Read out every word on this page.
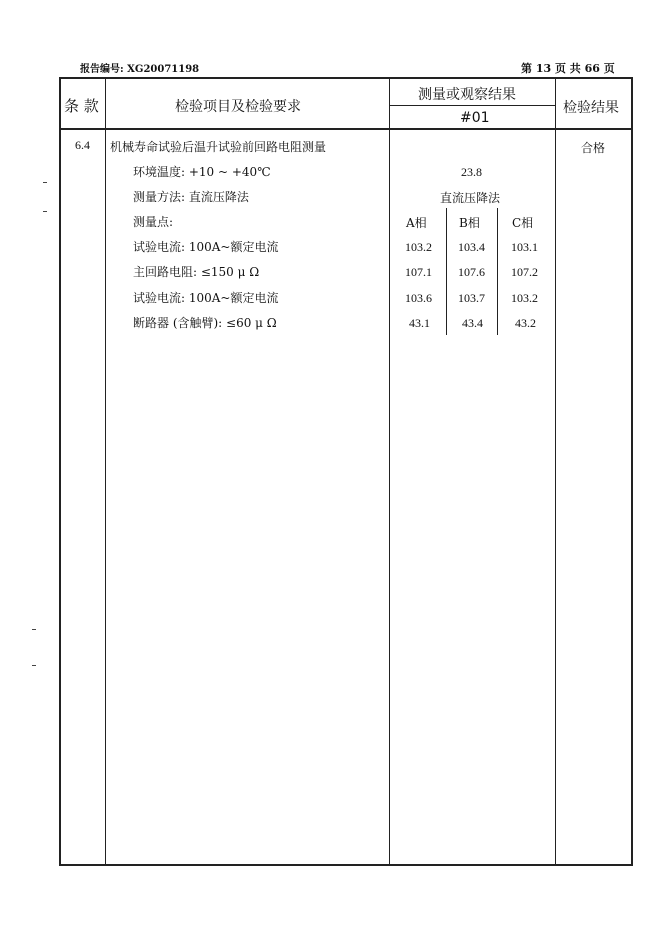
报告编号: XG20071198	第 13 页 共 66 页
条 款	检验项目及检验要求
测量或观察结果
#01
检验结果
6.4 机械寿命试验后温升试验前回路电阻测量	合格
环境温度: +10 ~ +40℃	23.8
测量方法: 直流压降法	直流压降法
测量点:	A相	B相	C相
试验电流: 100A~额定电流	103.2 103.4 103.1
主回路电阻: ≤150 μ Ω	107.1 107.6 107.2
试验电流: 100A~额定电流	103.6 103.7 103.2
断路器 (含触臂): ≤60 μ Ω	43.1	43.4	43.2
